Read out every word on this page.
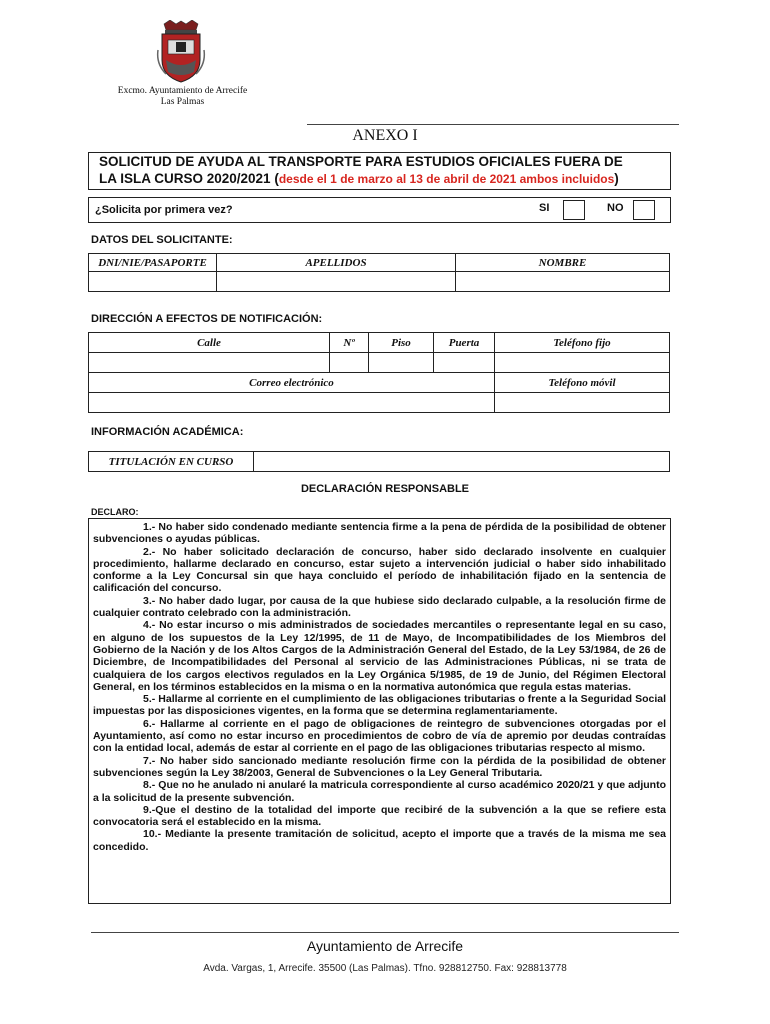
Excmo. Ayuntamiento de Arrecife
Las Palmas
ANEXO I
SOLICITUD DE AYUDA AL TRANSPORTE PARA ESTUDIOS OFICIALES FUERA DE
LA ISLA CURSO 2020/2021 (desde el 1 de marzo al 13 de abril de 2021 ambos incluidos)
¿Solicita por primera vez?	SI	NO
DATOS DEL SOLICITANTE:
DNI/NIE/PASAPORTE	APELLIDOS	NOMBRE

DIRECCIÓN A EFECTOS DE NOTIFICACIÓN:
Calle	Nº	Piso	Puerta	Teléfono fijo

Correo electrónico				Teléfono móvil

INFORMACIÓN ACADÉMICA:
TITULACIÓN EN CURSO	
DECLARACIÓN RESPONSABLE
DECLARO:

1.- No haber sido condenado mediante sentencia firme a la pena de pérdida de la posibilidad de obtener subvenciones o ayudas públicas.

2.- No haber solicitado declaración de concurso, haber sido declarado insolvente en cualquier procedimiento, hallarme declarado en concurso, estar sujeto a intervención judicial o haber sido inhabilitado conforme a la Ley Concursal sin que haya concluido el período de inhabilitación fijado en la sentencia de calificación del concurso.

3.- No haber dado lugar, por causa de la que hubiese sido declarado culpable, a la resolución firme de cualquier contrato celebrado con la administración.

4.- No estar incurso o mis administrados de sociedades mercantiles o representante legal en su caso, en alguno de los supuestos de la Ley 12/1995, de 11 de Mayo, de Incompatibilidades de los Miembros del Gobierno de la Nación y de los Altos Cargos de la Administración General del Estado, de la Ley 53/1984, de 26 de Diciembre, de Incompatibilidades del Personal al servicio de las Administraciones Públicas, ni se trata de cualquiera de los cargos electivos regulados en la Ley Orgánica 5/1985, de 19 de Junio, del Régimen Electoral General, en los términos establecidos en la misma o en la normativa autonómica que regula estas materias.

5.- Hallarme al corriente en el cumplimiento de las obligaciones tributarias o frente a la Seguridad Social impuestas por las disposiciones vigentes, en la forma que se determina reglamentariamente.

6.- Hallarme al corriente en el pago de obligaciones de reintegro de subvenciones otorgadas por el Ayuntamiento, así como no estar incurso en procedimientos de cobro de vía de apremio por deudas contraídas con la entidad local, además de estar al corriente en el pago de las obligaciones tributarias respecto al mismo.

7.- No haber sido sancionado mediante resolución firme con la pérdida de la posibilidad de obtener subvenciones según la Ley 38/2003, General de Subvenciones o la Ley General Tributaria.

8.- Que no he anulado ni anularé la matricula correspondiente al curso académico 2020/21 y que adjunto a la solicitud de la presente subvención.

9.-Que el destino de la totalidad del importe que recibiré de la subvención a la que se refiere esta convocatoria será el establecido en la misma.

10.- Mediante la presente tramitación de solicitud, acepto el importe que a través de la misma me sea concedido.

Ayuntamiento de Arrecife
Avda. Vargas, 1, Arrecife. 35500 (Las Palmas). Tfno. 928812750. Fax: 928813778
